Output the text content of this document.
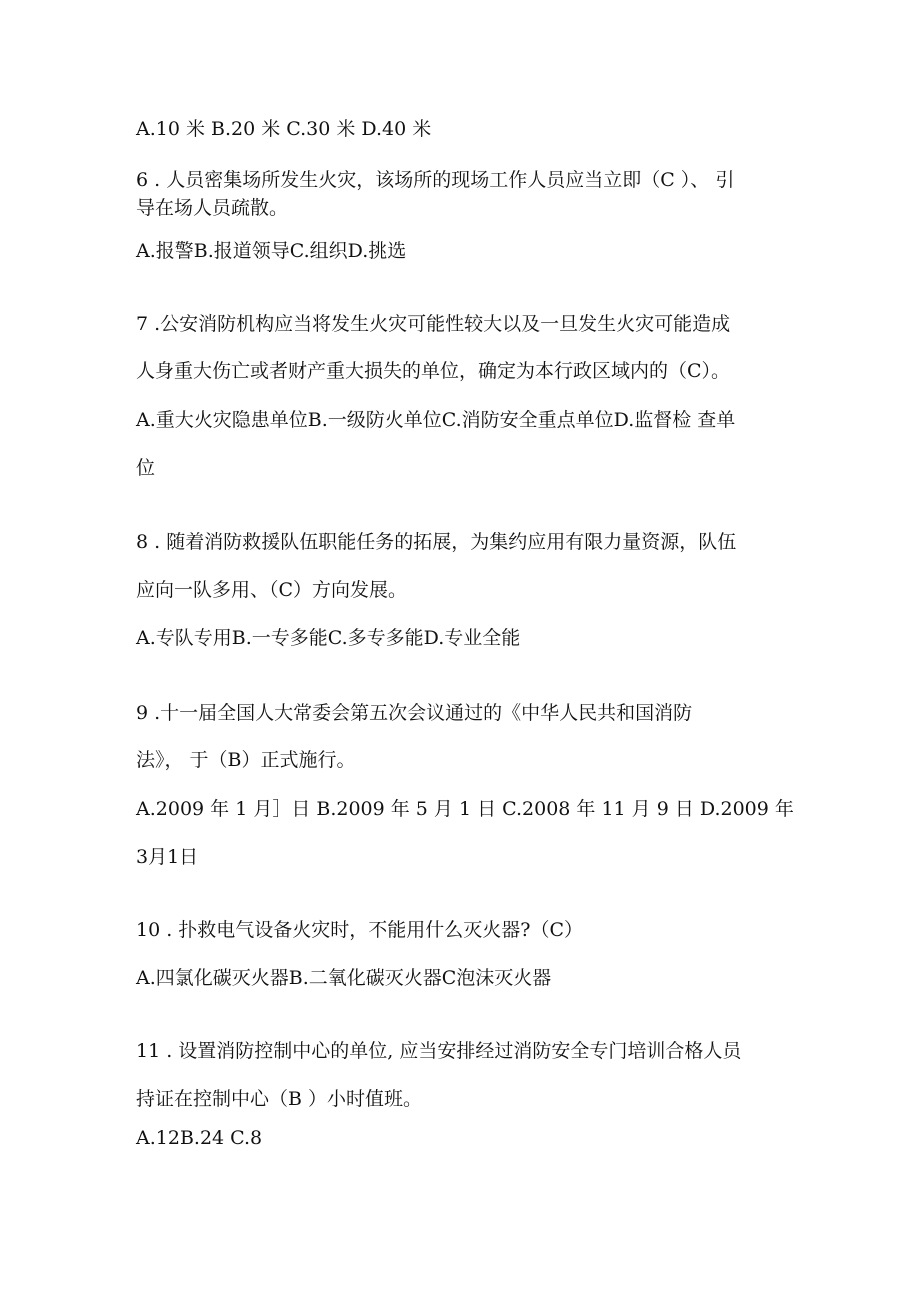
A.10 米 B.20 米 C.30 米 D.40 米

6 . 人员密集场所发生火灾，该场所的现场工作人员应当立即（C ）、 引

导在场人员疏散。

A.报警B.报道领导C.组织D.挑选

7 .公安消防机构应当将发生火灾可能性较大以及一旦发生火灾可能造成

人身重大伤亡或者财产重大损失的单位，确定为本行政区域内的（C）。

A.重大火灾隐患单位B.一级防火单位C.消防安全重点单位D.监督检 查单

位

8 . 随着消防救援队伍职能任务的拓展，为集约应用有限力量资源，队伍

应向一队多用、（C）方向发展。

A.专队专用B.一专多能C.多专多能D.专业全能

9 .十一届全国人大常委会第五次会议通过的《中华人民共和国消防

法》， 于（B）正式施行。

A.2009 年 1 月］日 B.2009 年 5 月 1 日 C.2008 年 11 月 9 日 D.2009 年

3月1日

10 . 扑救电气设备火灾时，不能用什么灭火器?（C）

A.四氯化碳灭火器B.二氧化碳灭火器C泡沫灭火器

11 . 设置消防控制中心的单位, 应当安排经过消防安全专门培训合格人员

持证在控制中心（B ）小时值班。

A.12B.24 C.8
